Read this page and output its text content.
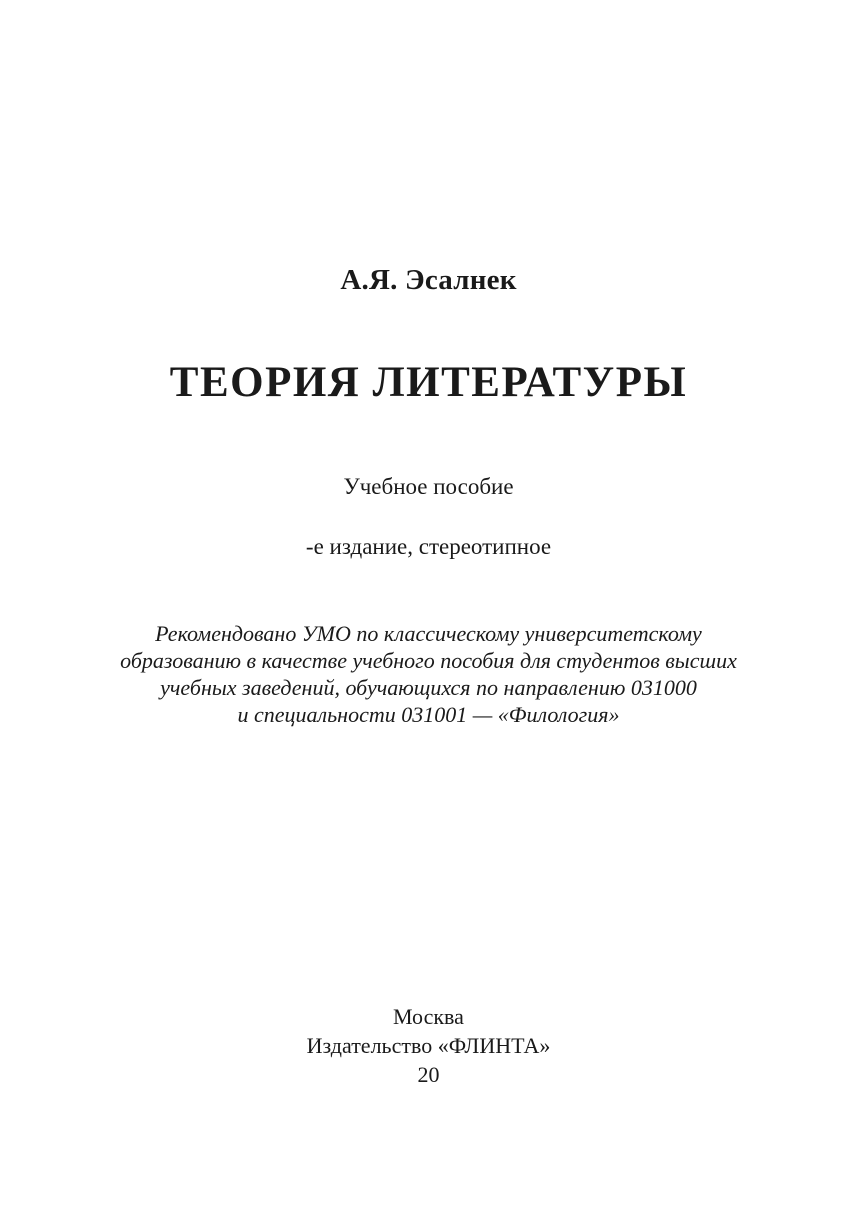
А.Я. Эсалнек
ТЕОРИЯ ЛИТЕРАТУРЫ
Учебное пособие
-е издание, стереотипное
Рекомендовано УМО по классическому университетскому
образованию в качестве учебного пособия для студентов высших
учебных заведений, обучающихся по направлению 031000
и специальности 031001 — «Филология»
Москва
Издательство «ФЛИНТА»
20
